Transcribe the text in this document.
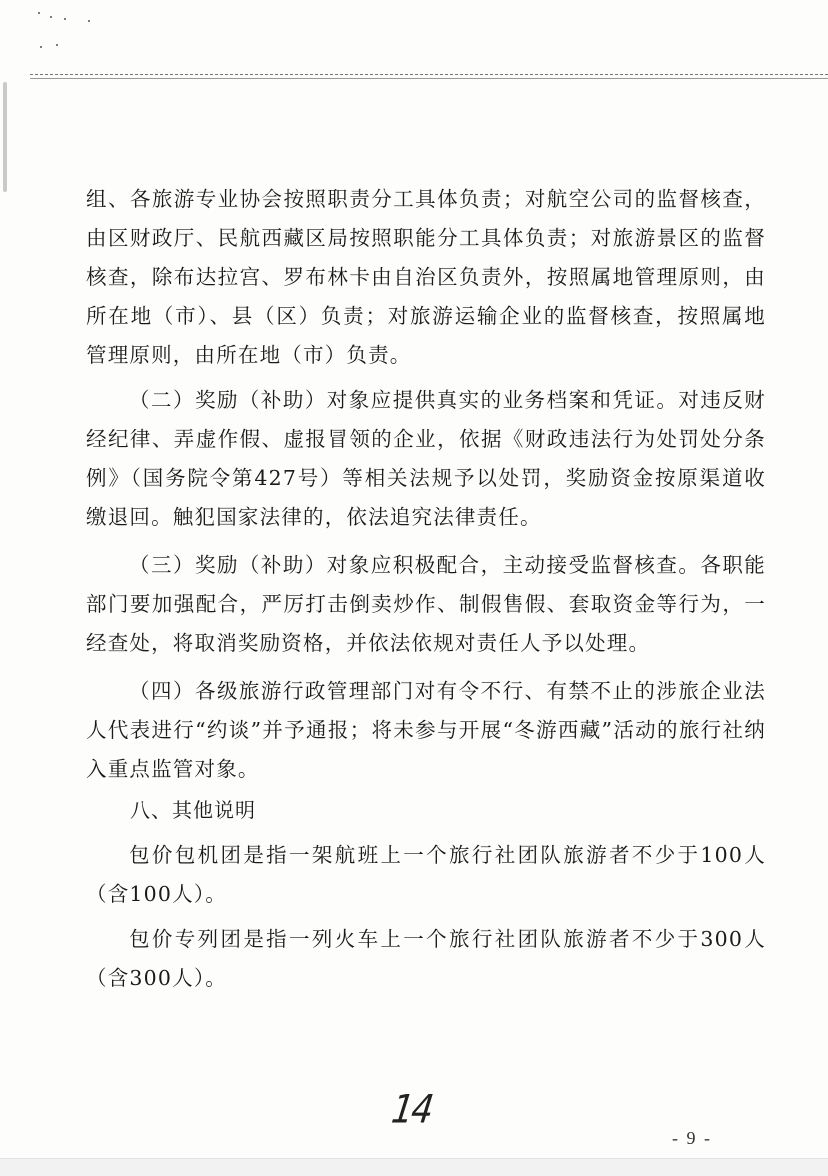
组、各旅游专业协会按照职责分工具体负责；对航空公司的监督核查，由区财政厅、民航西藏区局按照职能分工具体负责；对旅游景区的监督核查，除布达拉宫、罗布林卡由自治区负责外，按照属地管理原则，由所在地（市）、县（区）负责；对旅游运输企业的监督核查，按照属地管理原则，由所在地（市）负责。

（二）奖励（补助）对象应提供真实的业务档案和凭证。对违反财经纪律、弄虚作假、虚报冒领的企业，依据《财政违法行为处罚处分条例》（国务院令第427号）等相关法规予以处罚，奖励资金按原渠道收缴退回。触犯国家法律的，依法追究法律责任。

（三）奖励（补助）对象应积极配合，主动接受监督核查。各职能部门要加强配合，严厉打击倒卖炒作、制假售假、套取资金等行为，一经查处，将取消奖励资格，并依法依规对责任人予以处理。

（四）各级旅游行政管理部门对有令不行、有禁不止的涉旅企业法人代表进行“约谈”并予通报；将未参与开展“冬游西藏”活动的旅行社纳入重点监管对象。

八、其他说明

包价包机团是指一架航班上一个旅行社团队旅游者不少于100人（含100人）。

包价专列团是指一列火车上一个旅行社团队旅游者不少于300人（含300人）。

14
- 9 -
